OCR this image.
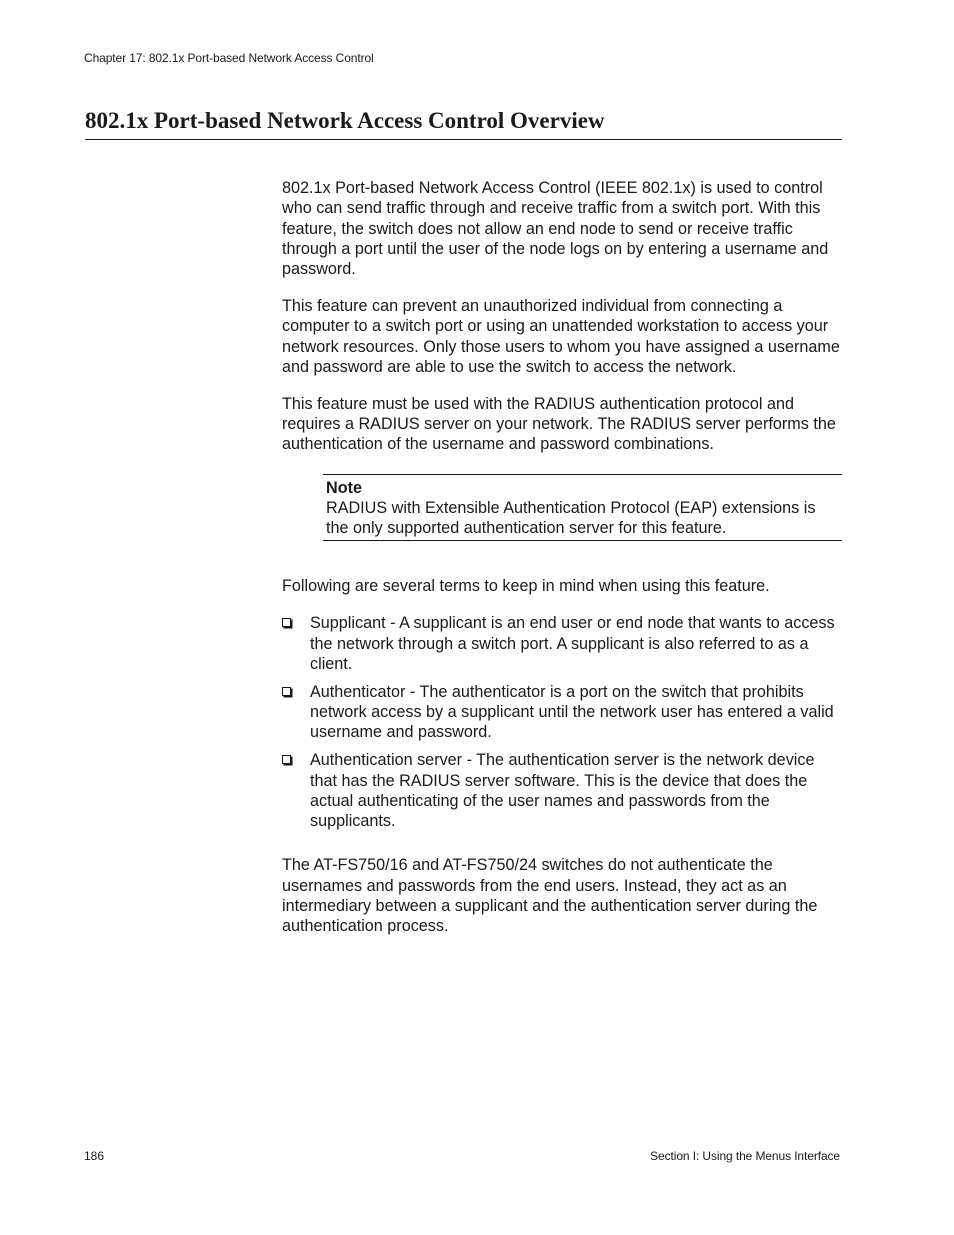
Chapter 17: 802.1x Port-based Network Access Control
802.1x Port-based Network Access Control Overview

802.1x Port-based Network Access Control (IEEE 802.1x) is used to control who can send traffic through and receive traffic from a switch port. With this feature, the switch does not allow an end node to send or receive traffic through a port until the user of the node logs on by entering a username and password.

This feature can prevent an unauthorized individual from connecting a computer to a switch port or using an unattended workstation to access your network resources. Only those users to whom you have assigned a username and password are able to use the switch to access the network.

This feature must be used with the RADIUS authentication protocol and requires a RADIUS server on your network. The RADIUS server performs the authentication of the username and password combinations.

Note
RADIUS with Extensible Authentication Protocol (EAP) extensions is the only supported authentication server for this feature.

Following are several terms to keep in mind when using this feature.

Supplicant - A supplicant is an end user or end node that wants to access the network through a switch port. A supplicant is also referred to as a client.
Authenticator - The authenticator is a port on the switch that prohibits network access by a supplicant until the network user has entered a valid username and password.
Authentication server - The authentication server is the network device that has the RADIUS server software. This is the device that does the actual authenticating of the user names and passwords from the supplicants.

The AT-FS750/16 and AT-FS750/24 switches do not authenticate the usernames and passwords from the end users. Instead, they act as an intermediary between a supplicant and the authentication server during the authentication process.

186	Section I: Using the Menus Interface
